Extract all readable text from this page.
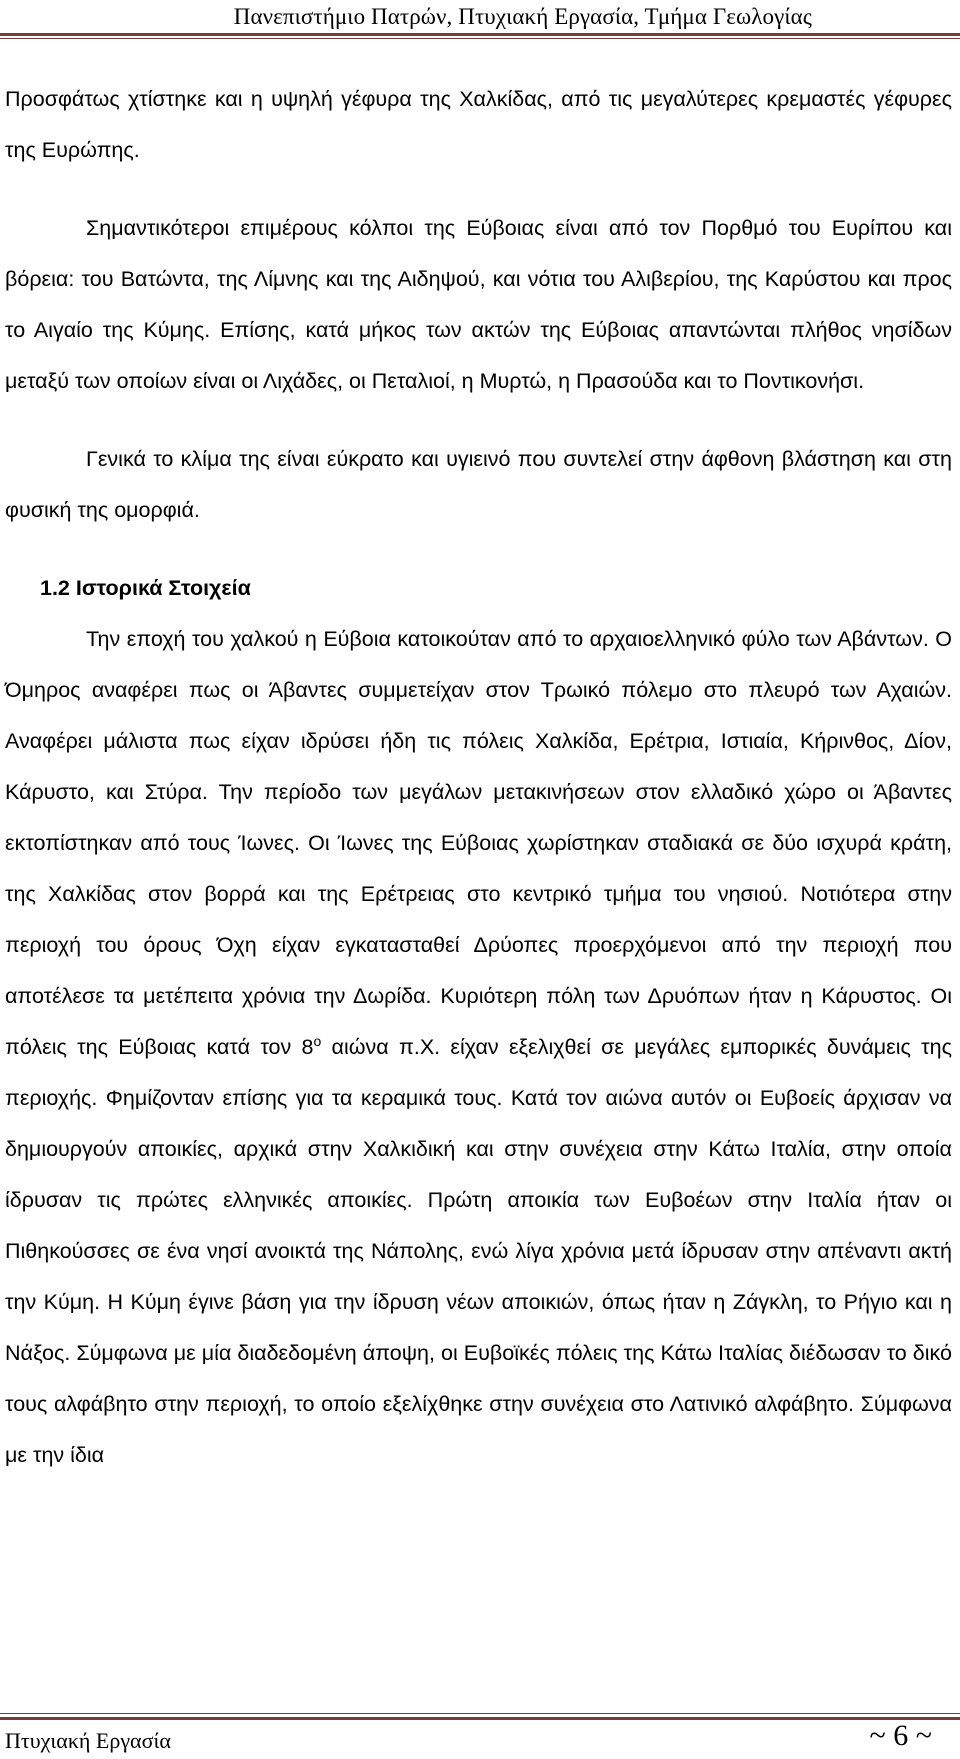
Πανεπιστήμιο Πατρών, Πτυχιακή Εργασία, Τμήμα Γεωλογίας

Προσφάτως χτίστηκε και η υψηλή γέφυρα της Χαλκίδας, από τις μεγαλύτερες κρεμαστές γέφυρες της Ευρώπης.

Σημαντικότεροι επιμέρους κόλποι της Εύβοιας είναι από τον Πορθμό του Ευρίπου και βόρεια: του Βατώντα, της Λίμνης και της Αιδηψού, και νότια του Αλιβερίου, της Καρύστου και προς το Αιγαίο της Κύμης. Επίσης, κατά μήκος των ακτών της Εύβοιας απαντώνται πλήθος νησίδων μεταξύ των οποίων είναι οι Λιχάδες, οι Πεταλιοί, η Μυρτώ, η Πρασούδα και το Ποντικονήσι.

Γενικά το κλίμα της είναι εύκρατο και υγιεινό που συντελεί στην άφθονη βλάστηση και στη φυσική της ομορφιά.

1.2 Ιστορικά Στοιχεία

Την εποχή του χαλκού η Εύβοια κατοικούταν από το αρχαιοελληνικό φύλο των Αβάντων. Ο Όμηρος αναφέρει πως οι Άβαντες συμμετείχαν στον Τρωικό πόλεμο στο πλευρό των Αχαιών. Αναφέρει μάλιστα πως είχαν ιδρύσει ήδη τις πόλεις Χαλκίδα, Ερέτρια, Ιστιαία, Κήρινθος, Δίον, Κάρυστο, και Στύρα. Την περίοδο των μεγάλων μετακινήσεων στον ελλαδικό χώρο οι Άβαντες εκτοπίστηκαν από τους Ίωνες. Οι Ίωνες της Εύβοιας χωρίστηκαν σταδιακά σε δύο ισχυρά κράτη, της Χαλκίδας στον βορρά και της Ερέτρειας στο κεντρικό τμήμα του νησιού. Νοτιότερα στην περιοχή του όρους Όχη είχαν εγκατασταθεί Δρύοπες προερχόμενοι από την περιοχή που αποτέλεσε τα μετέπειτα χρόνια την Δωρίδα. Κυριότερη πόλη των Δρυόπων ήταν η Κάρυστος. Οι πόλεις της Εύβοιας κατά τον $8^o$ αιώνα π.Χ. είχαν εξελιχθεί σε μεγάλες εμπορικές δυνάμεις της περιοχής. Φημίζονταν επίσης για τα κεραμικά τους. Κατά τον αιώνα αυτόν οι Ευβοείς άρχισαν να δημιουργούν αποικίες, αρχικά στην Χαλκιδική και στην συνέχεια στην Κάτω Ιταλία, στην οποία ίδρυσαν τις πρώτες ελληνικές αποικίες. Πρώτη αποικία των Ευβοέων στην Ιταλία ήταν οι Πιθηκούσσες σε ένα νησί ανοικτά της Νάπολης, ενώ λίγα χρόνια μετά ίδρυσαν στην απέναντι ακτή την Κύμη. Η Κύμη έγινε βάση για την ίδρυση νέων αποικιών, όπως ήταν η Ζάγκλη, το Ρήγιο και η Νάξος. Σύμφωνα με μία διαδεδομένη άποψη, οι Ευβοϊκές πόλεις της Κάτω Ιταλίας διέδωσαν το δικό τους αλφάβητο στην περιοχή, το οποίο εξελίχθηκε στην συνέχεια στο Λατινικό αλφάβητο. Σύμφωνα με την ίδια

Πτυχιακή Εργασία	~ 6 ~
